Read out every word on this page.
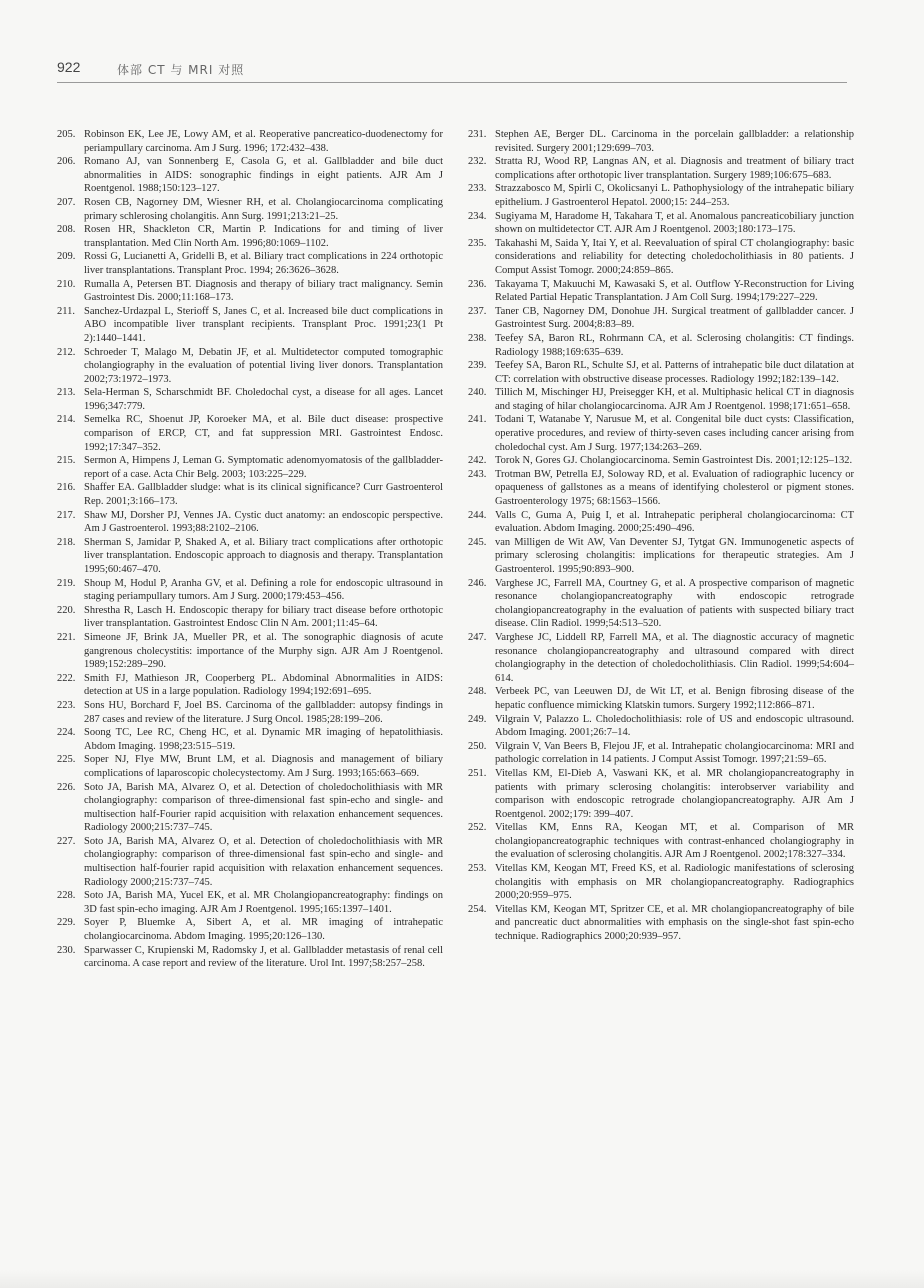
922	体部 CT 与 MRI 对照
205. Robinson EK, Lee JE, Lowy AM, et al. Reoperative pancreatico-duodenectomy for periampullary carcinoma. Am J Surg. 1996; 172:432–438.
206. Romano AJ, van Sonnenberg E, Casola G, et al. Gallbladder and bile duct abnormalities in AIDS: sonographic findings in eight patients. AJR Am J Roentgenol. 1988;150:123–127.
207. Rosen CB, Nagorney DM, Wiesner RH, et al. Cholangiocarcinoma complicating primary schlerosing cholangitis. Ann Surg. 1991;213:21–25.
208. Rosen HR, Shackleton CR, Martin P. Indications for and timing of liver transplantation. Med Clin North Am. 1996;80:1069–1102.
209. Rossi G, Lucianetti A, Gridelli B, et al. Biliary tract complications in 224 orthotopic liver transplantations. Transplant Proc. 1994; 26:3626–3628.
210. Rumalla A, Petersen BT. Diagnosis and therapy of biliary tract malignancy. Semin Gastrointest Dis. 2000;11:168–173.
211. Sanchez-Urdazpal L, Sterioff S, Janes C, et al. Increased bile duct complications in ABO incompatible liver transplant recipients. Transplant Proc. 1991;23(1 Pt 2):1440–1441.
212. Schroeder T, Malago M, Debatin JF, et al. Multidetector computed tomographic cholangiography in the evaluation of potential living liver donors. Transplantation 2002;73:1972–1973.
213. Sela-Herman S, Scharschmidt BF. Choledochal cyst, a disease for all ages. Lancet 1996;347:779.
214. Semelka RC, Shoenut JP, Koroeker MA, et al. Bile duct disease: prospective comparison of ERCP, CT, and fat suppression MRI. Gastrointest Endosc. 1992;17:347–352.
215. Sermon A, Himpens J, Leman G. Symptomatic adenomyomatosis of the gallbladder-report of a case. Acta Chir Belg. 2003; 103:225–229.
216. Shaffer EA. Gallbladder sludge: what is its clinical significance? Curr Gastroenterol Rep. 2001;3:166–173.
217. Shaw MJ, Dorsher PJ, Vennes JA. Cystic duct anatomy: an endoscopic perspective. Am J Gastroenterol. 1993;88:2102–2106.
218. Sherman S, Jamidar P, Shaked A, et al. Biliary tract complications after orthotopic liver transplantation. Endoscopic approach to diagnosis and therapy. Transplantation 1995;60:467–470.
219. Shoup M, Hodul P, Aranha GV, et al. Defining a role for endoscopic ultrasound in staging periampullary tumors. Am J Surg. 2000;179:453–456.
220. Shrestha R, Lasch H. Endoscopic therapy for biliary tract disease before orthotopic liver transplantation. Gastrointest Endosc Clin N Am. 2001;11:45–64.
221. Simeone JF, Brink JA, Mueller PR, et al. The sonographic diagnosis of acute gangrenous cholecystitis: importance of the Murphy sign. AJR Am J Roentgenol. 1989;152:289–290.
222. Smith FJ, Mathieson JR, Cooperberg PL. Abdominal Abnormalities in AIDS: detection at US in a large population. Radiology 1994;192:691–695.
223. Sons HU, Borchard F, Joel BS. Carcinoma of the gallbladder: autopsy findings in 287 cases and review of the literature. J Surg Oncol. 1985;28:199–206.
224. Soong TC, Lee RC, Cheng HC, et al. Dynamic MR imaging of hepatolithiasis. Abdom Imaging. 1998;23:515–519.
225. Soper NJ, Flye MW, Brunt LM, et al. Diagnosis and management of biliary complications of laparoscopic cholecystectomy. Am J Surg. 1993;165:663–669.
226. Soto JA, Barish MA, Alvarez O, et al. Detection of choledocholithiasis with MR cholangiography: comparison of three-dimensional fast spin-echo and single- and multisection half-Fourier rapid acquisition with relaxation enhancement sequences. Radiology 2000;215:737–745.
227. Soto JA, Barish MA, Alvarez O, et al. Detection of choledocholithiasis with MR cholangiography: comparison of three-dimensional fast spin-echo and single- and multisection half-fourier rapid acquisition with relaxation enhancement sequences. Radiology 2000;215:737–745.
228. Soto JA, Barish MA, Yucel EK, et al. MR Cholangiopancreatography: findings on 3D fast spin-echo imaging. AJR Am J Roentgenol. 1995;165:1397–1401.
229. Soyer P, Bluemke A, Sibert A, et al. MR imaging of intrahepatic cholangiocarcinoma. Abdom Imaging. 1995;20:126–130.
230. Sparwasser C, Krupienski M, Radomsky J, et al. Gallbladder metastasis of renal cell carcinoma. A case report and review of the literature. Urol Int. 1997;58:257–258.
231. Stephen AE, Berger DL. Carcinoma in the porcelain gallbladder: a relationship revisited. Surgery 2001;129:699–703.
232. Stratta RJ, Wood RP, Langnas AN, et al. Diagnosis and treatment of biliary tract complications after orthotopic liver transplantation. Surgery 1989;106:675–683.
233. Strazzabosco M, Spirli C, Okolicsanyi L. Pathophysiology of the intrahepatic biliary epithelium. J Gastroenterol Hepatol. 2000;15: 244–253.
234. Sugiyama M, Haradome H, Takahara T, et al. Anomalous pancreaticobiliary junction shown on multidetector CT. AJR Am J Roentgenol. 2003;180:173–175.
235. Takahashi M, Saida Y, Itai Y, et al. Reevaluation of spiral CT cholangiography: basic considerations and reliability for detecting choledocholithiasis in 80 patients. J Comput Assist Tomogr. 2000;24:859–865.
236. Takayama T, Makuuchi M, Kawasaki S, et al. Outflow Y-Reconstruction for Living Related Partial Hepatic Transplantation. J Am Coll Surg. 1994;179:227–229.
237. Taner CB, Nagorney DM, Donohue JH. Surgical treatment of gallbladder cancer. J Gastrointest Surg. 2004;8:83–89.
238. Teefey SA, Baron RL, Rohrmann CA, et al. Sclerosing cholangitis: CT findings. Radiology 1988;169:635–639.
239. Teefey SA, Baron RL, Schulte SJ, et al. Patterns of intrahepatic bile duct dilatation at CT: correlation with obstructive disease processes. Radiology 1992;182:139–142.
240. Tillich M, Mischinger HJ, Preisegger KH, et al. Multiphasic helical CT in diagnosis and staging of hilar cholangiocarcinoma. AJR Am J Roentgenol. 1998;171:651–658.
241. Todani T, Watanabe Y, Narusue M, et al. Congenital bile duct cysts: Classification, operative procedures, and review of thirty-seven cases including cancer arising from choledochal cyst. Am J Surg. 1977;134:263–269.
242. Torok N, Gores GJ. Cholangiocarcinoma. Semin Gastrointest Dis. 2001;12:125–132.
243. Trotman BW, Petrella EJ, Soloway RD, et al. Evaluation of radiographic lucency or opaqueness of gallstones as a means of identifying cholesterol or pigment stones. Gastroenterology 1975; 68:1563–1566.
244. Valls C, Guma A, Puig I, et al. Intrahepatic peripheral cholangiocarcinoma: CT evaluation. Abdom Imaging. 2000;25:490–496.
245. van Milligen de Wit AW, Van Deventer SJ, Tytgat GN. Immunogenetic aspects of primary sclerosing cholangitis: implications for therapeutic strategies. Am J Gastroenterol. 1995;90:893–900.
246. Varghese JC, Farrell MA, Courtney G, et al. A prospective comparison of magnetic resonance cholangiopancreatography with endoscopic retrograde cholangiopancreatography in the evaluation of patients with suspected biliary tract disease. Clin Radiol. 1999;54:513–520.
247. Varghese JC, Liddell RP, Farrell MA, et al. The diagnostic accuracy of magnetic resonance cholangiopancreatography and ultrasound compared with direct cholangiography in the detection of choledocholithiasis. Clin Radiol. 1999;54:604–614.
248. Verbeek PC, van Leeuwen DJ, de Wit LT, et al. Benign fibrosing disease of the hepatic confluence mimicking Klatskin tumors. Surgery 1992;112:866–871.
249. Vilgrain V, Palazzo L. Choledocholithiasis: role of US and endoscopic ultrasound. Abdom Imaging. 2001;26:7–14.
250. Vilgrain V, Van Beers B, Flejou JF, et al. Intrahepatic cholangiocarcinoma: MRI and pathologic correlation in 14 patients. J Comput Assist Tomogr. 1997;21:59–65.
251. Vitellas KM, El-Dieb A, Vaswani KK, et al. MR cholangiopancreatography in patients with primary sclerosing cholangitis: interobserver variability and comparison with endoscopic retrograde cholangiopancreatography. AJR Am J Roentgenol. 2002;179: 399–407.
252. Vitellas KM, Enns RA, Keogan MT, et al. Comparison of MR cholangiopancreatographic techniques with contrast-enhanced cholangiography in the evaluation of sclerosing cholangitis. AJR Am J Roentgenol. 2002;178:327–334.
253. Vitellas KM, Keogan MT, Freed KS, et al. Radiologic manifestations of sclerosing cholangitis with emphasis on MR cholangiopancreatography. Radiographics 2000;20:959–975.
254. Vitellas KM, Keogan MT, Spritzer CE, et al. MR cholangiopancreatography of bile and pancreatic duct abnormalities with emphasis on the single-shot fast spin-echo technique. Radiographics 2000;20:939–957.
